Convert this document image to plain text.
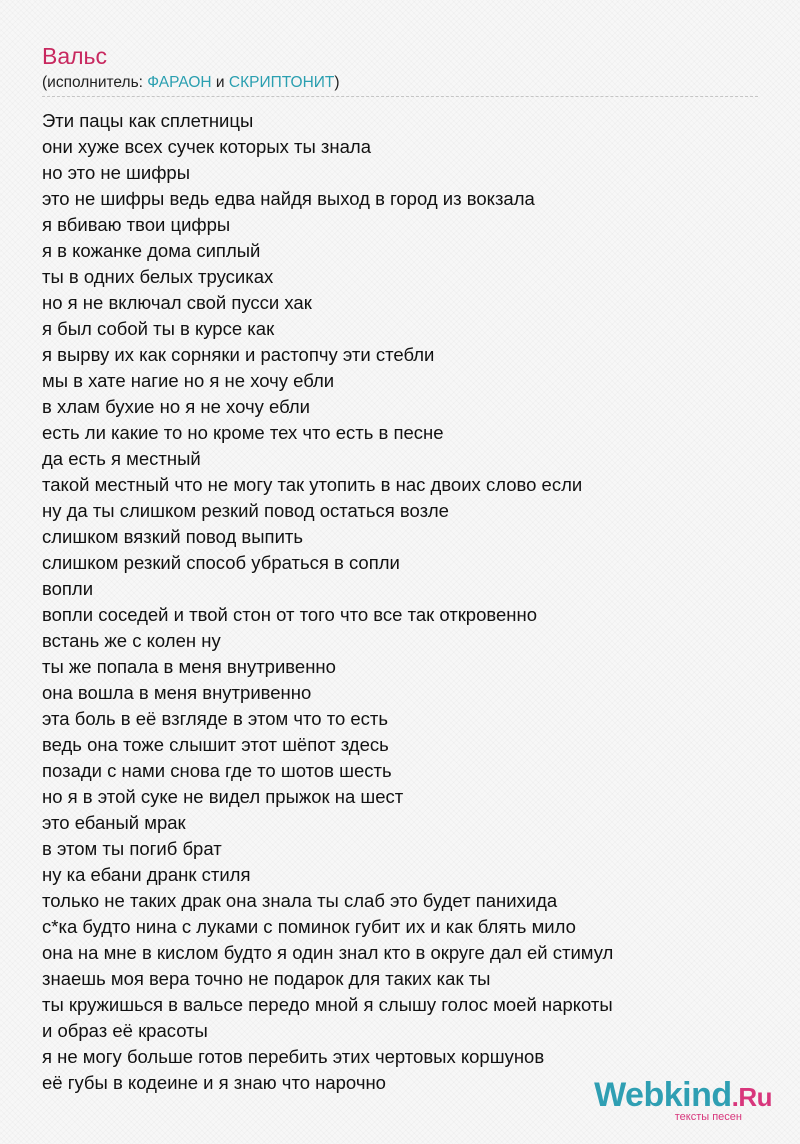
Вальс
(исполнитель: ФАРАОН и СКРИПТОНИТ)
Эти пацы как сплетницы
они хуже всех сучек которых ты знала
но это не шифры
это не шифры ведь едва найдя выход в город из вокзала
я вбиваю твои цифры
я в кожанке дома сиплый
ты в одних белых трусиках
но я не включал свой пусси хак
я был собой ты в курсе как
я вырву их как сорняки и растопчу эти стебли
мы в хате нагие но я не хочу ебли
в хлам бухие но я не хочу ебли
есть ли какие то но кроме тех что есть в песне
да есть я местный
такой местный что не могу так утопить в нас двоих слово если
ну да ты слишком резкий повод остаться возле
слишком вязкий повод выпить
слишком резкий способ убраться в сопли
вопли
вопли соседей и твой стон от того что все так откровенно
встань же с колен ну
ты же попала в меня внутривенно
она вошла в меня внутривенно
эта боль в её взгляде в этом что то есть
ведь она тоже слышит этот шёпот здесь
позади с нами снова где то шотов шесть
но я в этой суке не видел прыжок на шест
это ебаный мрак
в этом ты погиб брат
ну ка ебани дранк стиля
только не таких драк она знала ты слаб это будет панихида
с*ка будто нина с луками с поминок губит их и как блять мило
она на мне в кислом будто я один знал кто в округе дал ей стимул
знаешь моя вера точно не подарок для таких как ты
ты кружишься в вальсе передо мной я слышу голос моей наркоты
и образ её красоты
я не могу больше готов перебить этих чертовых коршунов
её губы в кодеине и я знаю что нарочно	Webkind.Ru
тексты песен
